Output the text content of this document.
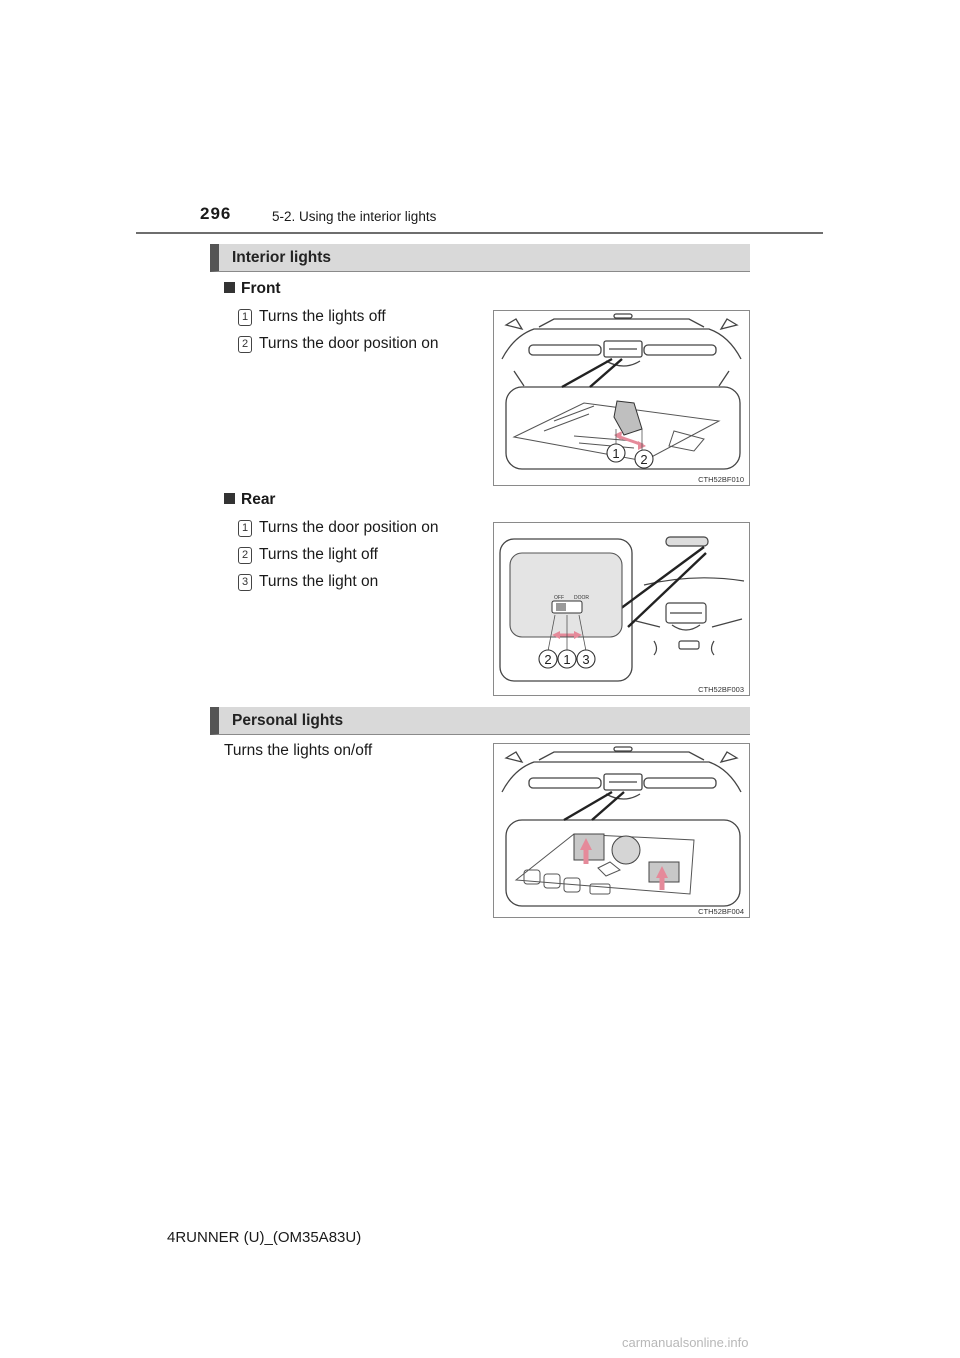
296	5-2. Using the interior lights
Interior lights
Front
1 Turns the lights off
2 Turns the door position on
1 2
CTH52BF010
Rear
1 Turns the door position on
2 Turns the light off
3 Turns the light on
OFF DOOR
2 1 3
CTH52BF003
Personal lights
Turns the lights on/off
CTH52BF004
4RUNNER (U)_(OM35A83U)
carmanualsonline.info
